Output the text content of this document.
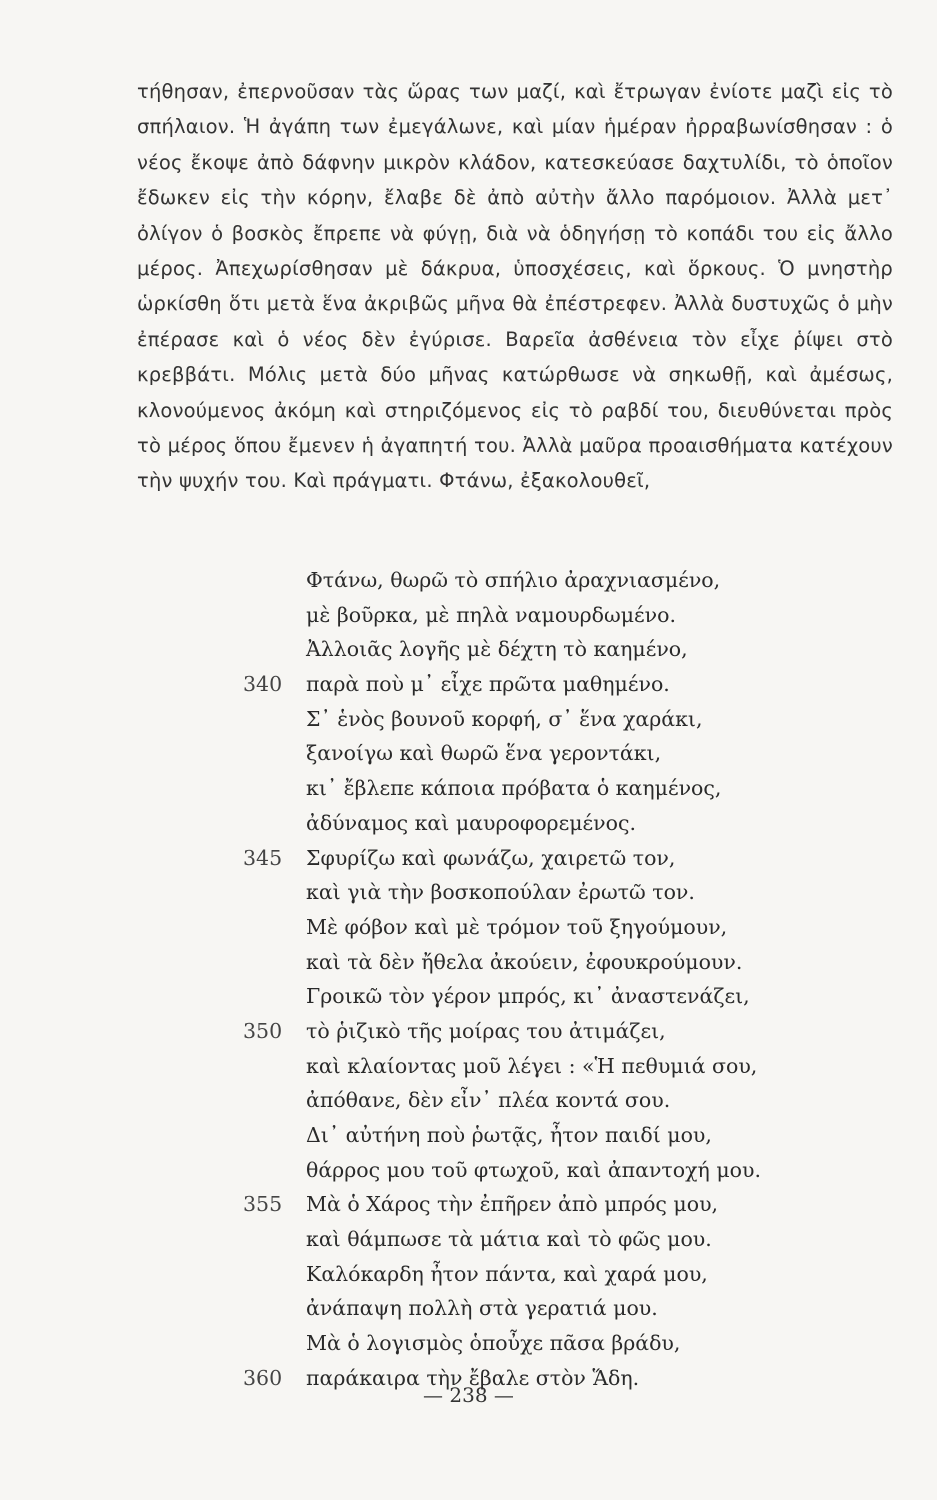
τήθησαν, ἐπερνοῦσαν τὰς ὥρας των μαζί, καὶ ἔτρωγαν ἐνίοτε μαζὶ εἰς τὸ σπήλαιον. Ἡ ἀγάπη των ἐμεγάλωνε, καὶ μίαν ἡμέραν ἠρραβωνίσθησαν : ὁ νέος ἔκοψε ἀπὸ δάφνην μικρὸν κλάδον, κατεσκεύασε δαχτυλίδι, τὸ ὁποῖον ἔδωκεν εἰς τὴν κόρην, ἔλαβε δὲ ἀπὸ αὐτὴν ἄλλο παρόμοιον. Ἀλλὰ μετ᾽ ὀλίγον ὁ βοσκὸς ἔπρεπε νὰ φύγῃ, διὰ νὰ ὁδηγήσῃ τὸ κοπάδι του εἰς ἄλλο μέρος. Ἀπεχωρίσθησαν μὲ δάκρυα, ὑποσχέσεις, καὶ ὅρκους. Ὁ μνηστὴρ ὡρκίσθη ὅτι μετὰ ἕνα ἀκριβῶς μῆνα θὰ ἐπέστρεφεν. Ἀλλὰ δυστυχῶς ὁ μὴν ἐπέρασε καὶ ὁ νέος δὲν ἐγύρισε. Βαρεῖα ἀσθένεια τὸν εἶχε ῥίψει στὸ κρεββάτι. Μόλις μετὰ δύο μῆνας κατώρθωσε νὰ σηκωθῇ, καὶ ἀμέσως, κλονούμενος ἀκόμη καὶ στηριζόμενος εἰς τὸ ραβδί του, διευθύνεται πρὸς τὸ μέρος ὅπου ἔμενεν ἡ ἀγαπητή του. Ἀλλὰ μαῦρα προαισθήματα κατέχουν τὴν ψυχήν του. Καὶ πράγματι. Φτάνω, ἐξακολουθεῖ,

Φτάνω, θωρῶ τὸ σπήλιο ἀραχνιασμένο,
μὲ βοῦρκα, μὲ πηλὰ ναμουρδωμένο.
Ἀλλοιᾶς λογῆς μὲ δέχτη τὸ καημένο,
340	παρὰ ποὺ μ᾽ εἶχε πρῶτα μαθημένο.
Σ᾽ ἑνὸς βουνοῦ κορφή, σ᾽ ἕνα χαράκι,
ξανοίγω καὶ θωρῶ ἕνα γεροντάκι,
κι᾽ ἔβλεπε κάποια πρόβατα ὁ καημένος,
ἀδύναμος καὶ μαυροφορεμένος.
345	Σφυρίζω καὶ φωνάζω, χαιρετῶ τον,
καὶ γιὰ τὴν βοσκοπούλαν ἐρωτῶ τον.
Μὲ φόβον καὶ μὲ τρόμον τοῦ ξηγούμουν,
καὶ τὰ δὲν ἤθελα ἀκούειν, ἐφουκρούμουν.
Γροικῶ τὸν γέρον μπρός, κι᾽ ἀναστενάζει,
350	τὸ ῥιζικὸ τῆς μοίρας του ἀτιμάζει,
καὶ κλαίοντας μοῦ λέγει : «Ἡ πεθυμιά σου,
ἀπόθανε, δὲν εἶν᾽ πλέα κοντά σου.
Δι᾽ αὐτήνη ποὺ ῥωτᾷς, ἦτον παιδί μου,
θάρρος μου τοῦ φτωχοῦ, καὶ ἀπαντοχή μου.
355	Μὰ ὁ Χάρος τὴν ἐπῆρεν ἀπὸ μπρός μου,
καὶ θάμπωσε τὰ μάτια καὶ τὸ φῶς μου.
Καλόκαρδη ἦτον πάντα, καὶ χαρά μου,
ἀνάπαψη πολλὴ στὰ γερατιά μου.
Μὰ ὁ λογισμὸς ὁποὖχε πᾶσα βράδυ,
360	παράκαιρα τὴν ἔβαλε στὸν Ἅδη.
— 238 —
